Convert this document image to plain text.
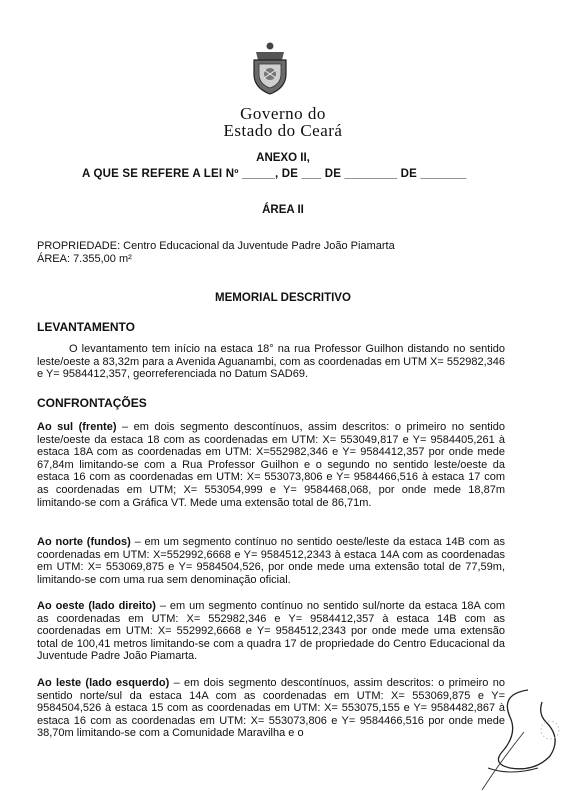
Governo do
Estado do Ceará
ANEXO II,
A QUE SE REFERE A LEI Nº _____, DE ___ DE ________ DE _______
ÁREA II
PROPRIEDADE: Centro Educacional da Juventude Padre João Piamarta
ÁREA: 7.355,00 m²
MEMORIAL DESCRITIVO
LEVANTAMENTO
O levantamento tem início na estaca 18° na rua Professor Guilhon distando no sentido leste/oeste a 83,32m para a Avenida Aguanambi, com as coordenadas em UTM X= 552982,346 e Y= 9584412,357, georreferenciada no Datum SAD69.
CONFRONTAÇÕES
Ao sul (frente) – em dois segmento descontínuos, assim descritos: o primeiro no sentido leste/oeste da estaca 18 com as coordenadas em UTM: X= 553049,817 e Y= 9584405,261 à estaca 18A com as coordenadas em UTM: X=552982,346 e Y= 9584412,357 por onde mede 67,84m limitando-se com a Rua Professor Guilhon e o segundo no sentido leste/oeste da estaca 16 com as coordenadas em UTM: X= 553073,806 e Y= 9584466,516 à estaca 17 com as coordenadas em UTM; X= 553054,999 e Y= 9584468,068, por onde mede 18,87m limitando-se com a Gráfica VT. Mede uma extensão total de 86,71m.
Ao norte (fundos) – em um segmento contínuo no sentido oeste/leste da estaca 14B com as coordenadas em UTM: X=552992,6668 e Y= 9584512,2343 à estaca 14A com as coordenadas em UTM: X= 553069,875 e Y= 9584504,526, por onde mede uma extensão total de 77,59m, limitando-se com uma rua sem denominação oficial.
Ao oeste (lado direito) – em um segmento contínuo no sentido sul/norte da estaca 18A com as coordenadas em UTM: X= 552982,346 e Y= 9584412,357 à estaca 14B com as coordenadas em UTM: X= 552992,6668 e Y= 9584512,2343 por onde mede uma extensão total de 100,41 metros limitando-se com a quadra 17 de propriedade do Centro Educacional da Juventude Padre João Piamarta.
Ao leste (lado esquerdo) – em dois segmento descontínuos, assim descritos: o primeiro no sentido norte/sul da estaca 14A com as coordenadas em UTM: X= 553069,875 e Y= 9584504,526 à estaca 15 com as coordenadas em UTM: X= 553075,155 e Y= 9584482,867 à estaca 16 com as coordenadas em UTM: X= 553073,806 e Y= 9584466,516 por onde mede 38,70m limitando-se com a Comunidade Maravilha e o
